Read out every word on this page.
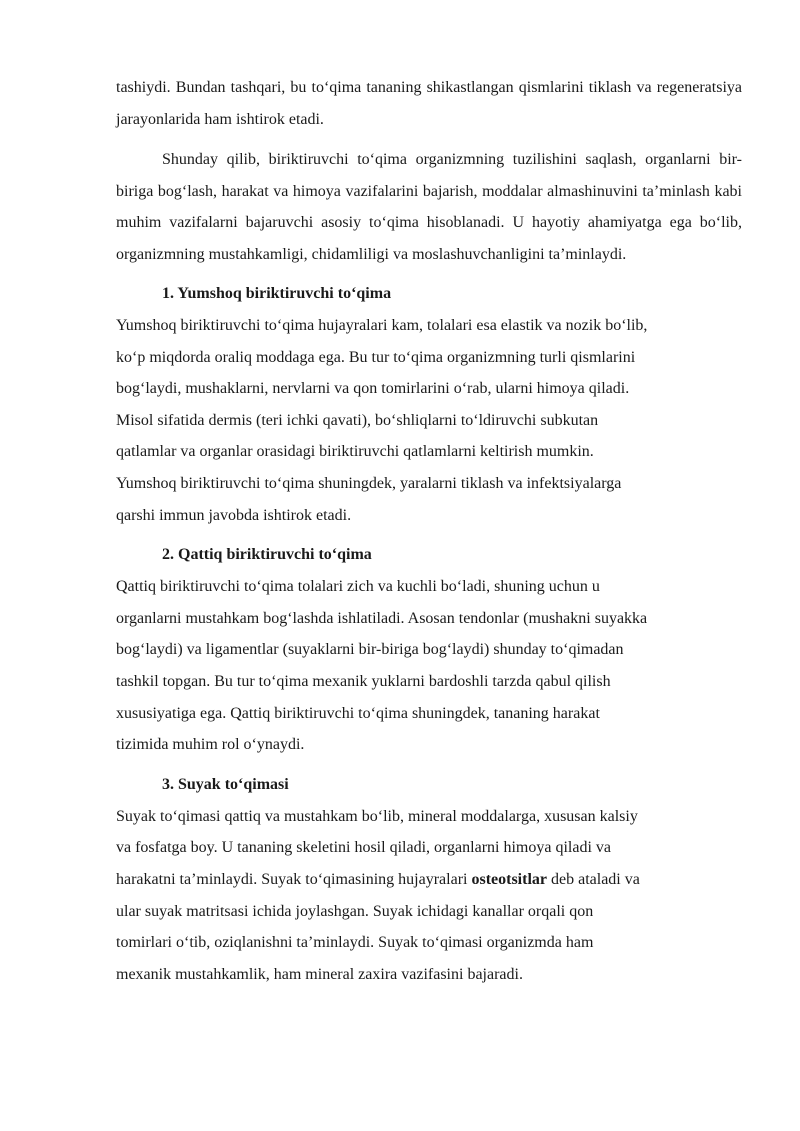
tashiydi. Bundan tashqari, bu to‘qima tananing shikastlangan qismlarini tiklash va regeneratsiya jarayonlarida ham ishtirok etadi.

Shunday qilib, biriktiruvchi to‘qima organizmning tuzilishini saqlash, organlarni bir-biriga bog‘lash, harakat va himoya vazifalarini bajarish, moddalar almashinuvini ta’minlash kabi muhim vazifalarni bajaruvchi asosiy to‘qima hisoblanadi. U hayotiy ahamiyatga ega bo‘lib, organizmning mustahkamligi, chidamliligi va moslashuvchanligini ta’minlaydi.

1. Yumshoq biriktiruvchi to‘qima

Yumshoq biriktiruvchi to‘qima hujayralari kam, tolalari esa elastik va nozik bo‘lib,
ko‘p miqdorda oraliq moddaga ega. Bu tur to‘qima organizmning turli qismlarini
bog‘laydi, mushaklarni, nervlarni va qon tomirlarini o‘rab, ularni himoya qiladi.
Misol sifatida dermis (teri ichki qavati), bo‘shliqlarni to‘ldiruvchi subkutan
qatlamlar va organlar orasidagi biriktiruvchi qatlamlarni keltirish mumkin.
Yumshoq biriktiruvchi to‘qima shuningdek, yaralarni tiklash va infektsiyalarga
qarshi immun javobda ishtirok etadi.

2. Qattiq biriktiruvchi to‘qima

Qattiq biriktiruvchi to‘qima tolalari zich va kuchli bo‘ladi, shuning uchun u
organlarni mustahkam bog‘lashda ishlatiladi. Asosan tendonlar (mushakni suyakka
bog‘laydi) va ligamentlar (suyaklarni bir-biriga bog‘laydi) shunday to‘qimadan
tashkil topgan. Bu tur to‘qima mexanik yuklarni bardoshli tarzda qabul qilish
xususiyatiga ega. Qattiq biriktiruvchi to‘qima shuningdek, tananing harakat
tizimida muhim rol o‘ynaydi.

3. Suyak to‘qimasi

Suyak to‘qimasi qattiq va mustahkam bo‘lib, mineral moddalarga, xususan kalsiy
va fosfatga boy. U tananing skeletini hosil qiladi, organlarni himoya qiladi va
harakatni ta’minlaydi. Suyak to‘qimasining hujayralari osteotsitlar deb ataladi va
ular suyak matritsasi ichida joylashgan. Suyak ichidagi kanallar orqali qon
tomirlari o‘tib, oziqlanishni ta’minlaydi. Suyak to‘qimasi organizmda ham
mexanik mustahkamlik, ham mineral zaxira vazifasini bajaradi.
